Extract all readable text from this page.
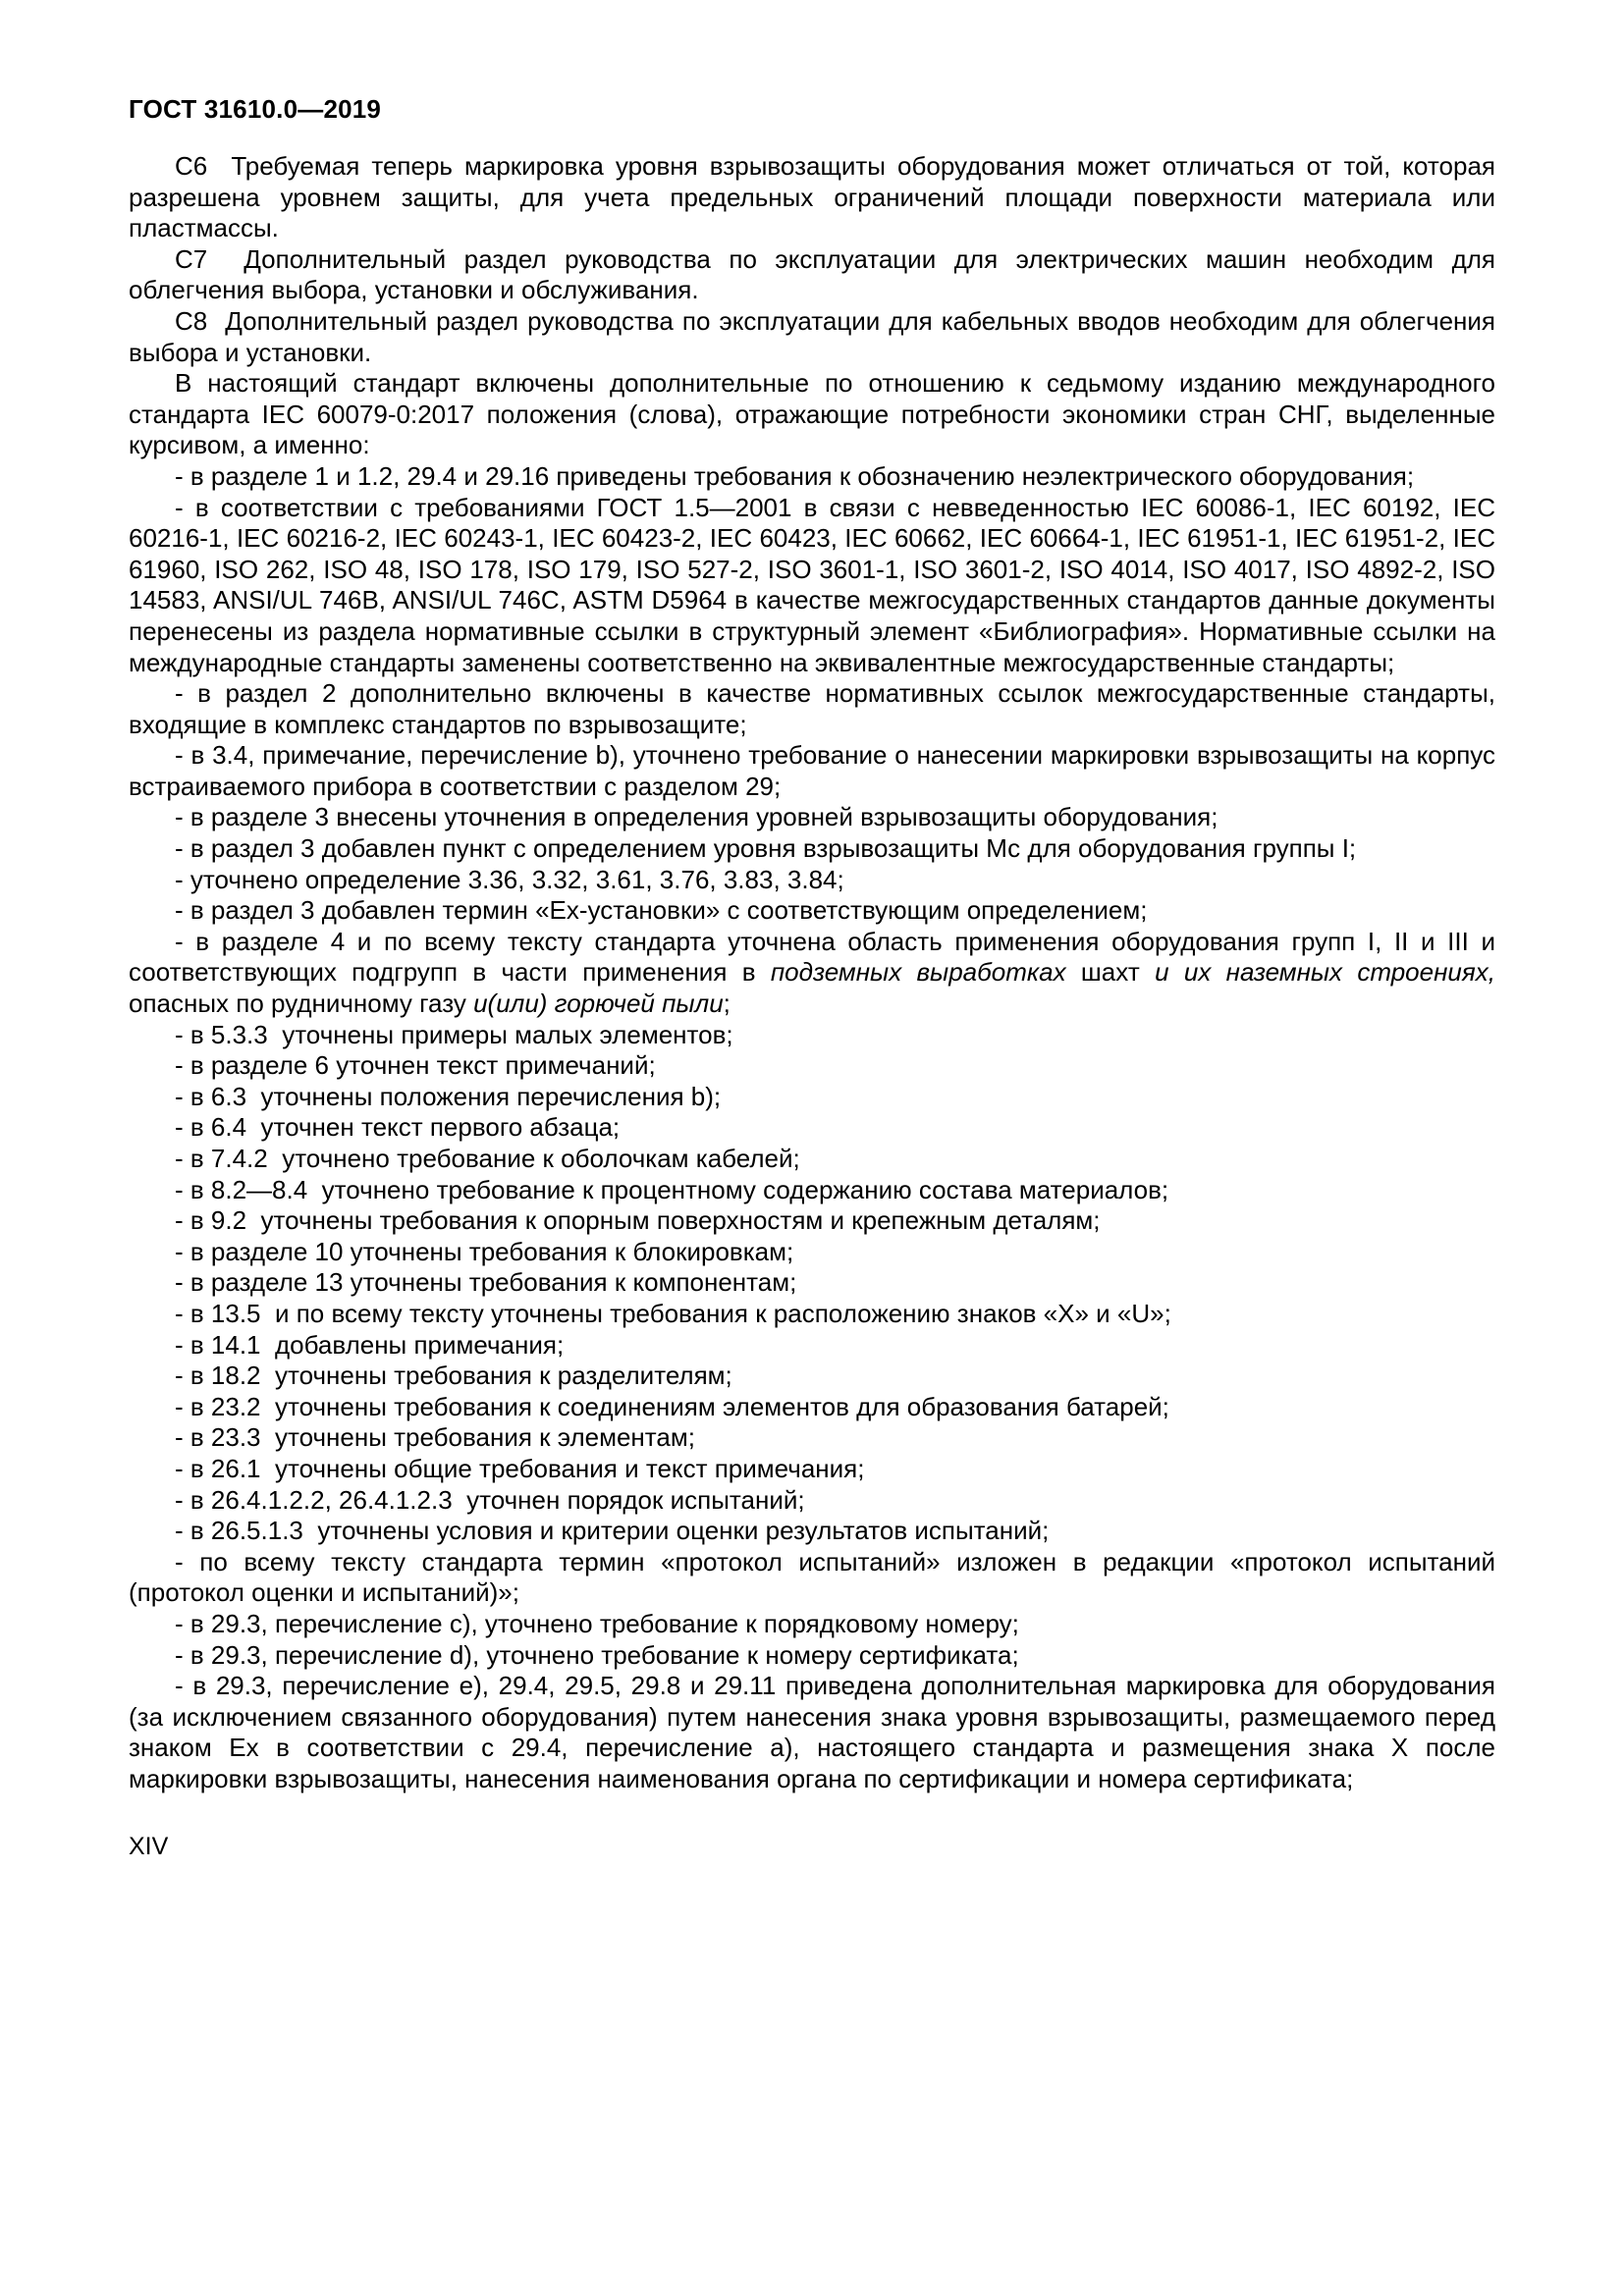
ГОСТ 31610.0—2019

С6  Требуемая теперь маркировка уровня взрывозащиты оборудования может отличаться от той, которая разрешена уровнем защиты, для учета предельных ограничений площади поверхности материала или пластмассы.

С7  Дополнительный раздел руководства по эксплуатации для электрических машин необходим для облегчения выбора, установки и обслуживания.

С8  Дополнительный раздел руководства по эксплуатации для кабельных вводов необходим для облегчения выбора и установки.

В настоящий стандарт включены дополнительные по отношению к седьмому изданию международного стандарта IEC 60079-0:2017 положения (слова), отражающие потребности экономики стран СНГ, выделенные курсивом, а именно:

- в разделе 1 и 1.2, 29.4 и 29.16 приведены требования к обозначению неэлектрического оборудования;

- в соответствии с требованиями ГОСТ 1.5—2001 в связи с невведенностью IEC 60086-1, IEC 60192, IEC 60216-1, IEC 60216-2, IEC 60243-1, IEC 60423-2, IEC 60423, IEC 60662, IEC 60664-1, IEC 61951-1, IEC 61951-2, IEC 61960, ISO 262, ISO 48, ISO 178, ISO 179, ISO 527-2, ISO 3601-1, ISO 3601-2, ISO 4014, ISO 4017, ISO 4892-2, ISO 14583, ANSI/UL 746B, ANSI/UL 746C, ASTM D5964 в качестве межгосударственных стандартов данные документы перенесены из раздела нормативные ссылки в структурный элемент «Библиография». Нормативные ссылки на международные стандарты заменены соответственно на эквивалентные межгосударственные стандарты;

- в раздел 2 дополнительно включены в качестве нормативных ссылок межгосударственные стандарты, входящие в комплекс стандартов по взрывозащите;

- в 3.4, примечание, перечисление b), уточнено требование о нанесении маркировки взрывозащиты на корпус встраиваемого прибора в соответствии с разделом 29;

- в разделе 3 внесены уточнения в определения уровней взрывозащиты оборудования;

- в раздел 3 добавлен пункт с определением уровня взрывозащиты Мс для оборудования группы I;

- уточнено определение 3.36, 3.32, 3.61, 3.76, 3.83, 3.84;

- в раздел 3 добавлен термин «Ex-установки» с соответствующим определением;

- в разделе 4 и по всему тексту стандарта уточнена область применения оборудования групп I, II и III и соответствующих подгрупп в части применения в подземных выработках шахт и их наземных строениях, опасных по рудничному газу и(или) горючей пыли;

- в 5.3.3  уточнены примеры малых элементов;

- в разделе 6 уточнен текст примечаний;

- в 6.3  уточнены положения перечисления b);

- в 6.4  уточнен текст первого абзаца;

- в 7.4.2  уточнено требование к оболочкам кабелей;

- в 8.2—8.4  уточнено требование к процентному содержанию состава материалов;

- в 9.2  уточнены требования к опорным поверхностям и крепежным деталям;

- в разделе 10 уточнены требования к блокировкам;

- в разделе 13 уточнены требования к компонентам;

- в 13.5  и по всему тексту уточнены требования к расположению знаков «X» и «U»;

- в 14.1  добавлены примечания;

- в 18.2  уточнены требования к разделителям;

- в 23.2  уточнены требования к соединениям элементов для образования батарей;

- в 23.3  уточнены требования к элементам;

- в 26.1  уточнены общие требования и текст примечания;

- в 26.4.1.2.2, 26.4.1.2.3  уточнен порядок испытаний;

- в 26.5.1.3  уточнены условия и критерии оценки результатов испытаний;

- по всему тексту стандарта термин «протокол испытаний» изложен в редакции «протокол испытаний (протокол оценки и испытаний)»;

- в 29.3, перечисление c), уточнено требование к порядковому номеру;

- в 29.3, перечисление d), уточнено требование к номеру сертификата;

- в 29.3, перечисление e), 29.4, 29.5, 29.8 и 29.11 приведена дополнительная маркировка для оборудования (за исключением связанного оборудования) путем нанесения знака уровня взрывозащиты, размещаемого перед знаком Ex в соответствии с 29.4, перечисление а), настоящего стандарта и размещения знака X после маркировки взрывозащиты, нанесения наименования органа по сертификации и номера сертификата;

XIV
